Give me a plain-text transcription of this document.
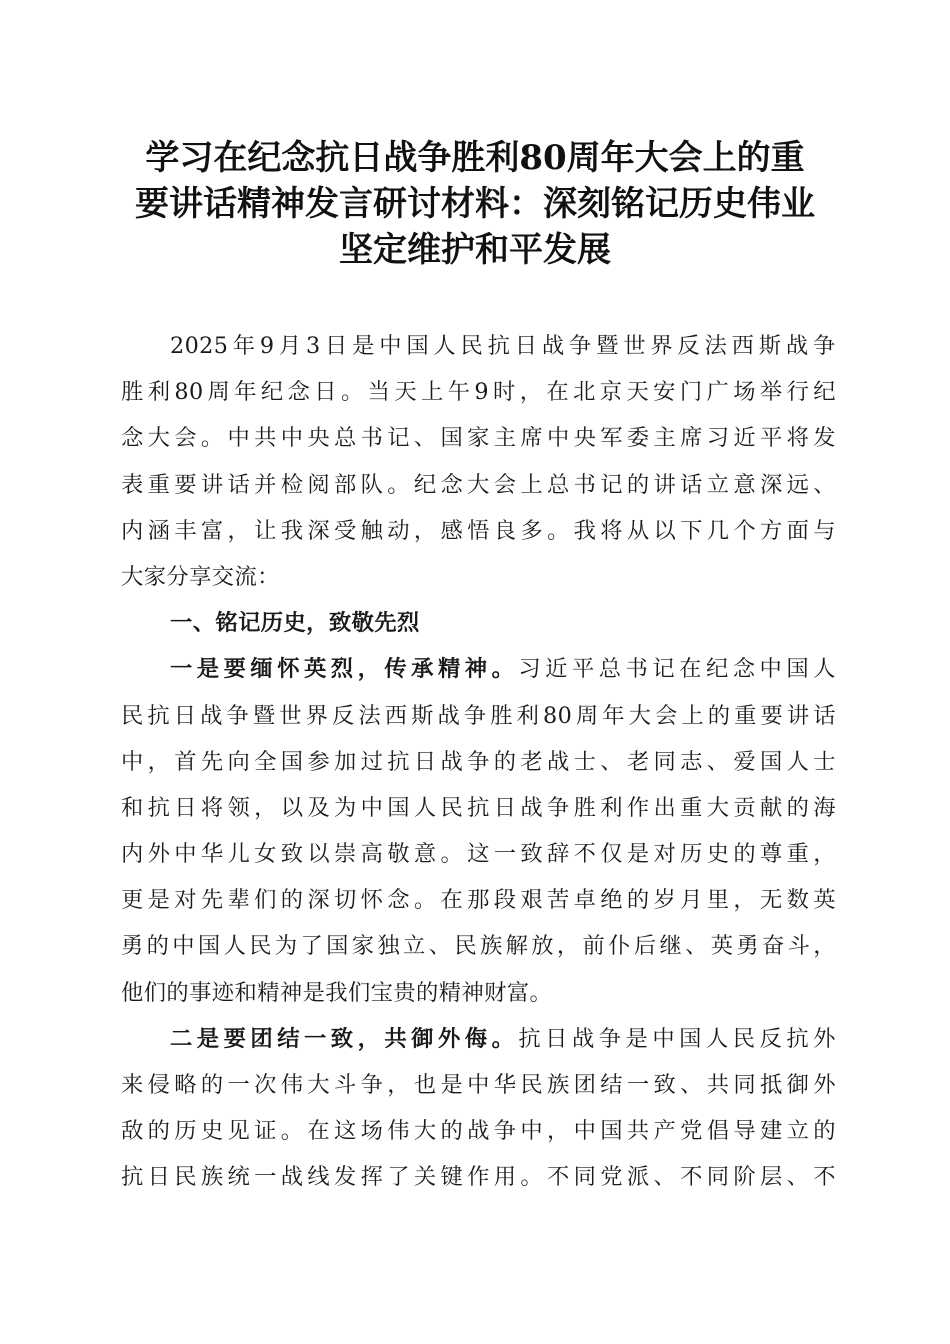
学习在纪念抗日战争胜利80周年大会上的重
要讲话精神发言研讨材料：深刻铭记历史伟业
坚定维护和平发展
2025 年 9 月 3 日 是 中 国 人 民 抗 日 战 争 暨 世 界 反 法 西 斯 战 争
胜 利 80 周 年 纪 念 日 。 当 天 上 午 9 时 ， 在 北 京 天 安 门 广 场 举 行 纪
念 大 会 。 中 共 中 央 总 书 记 、 国 家 主 席 中 央 军 委 主 席 习 近 平 将 发
表 重 要 讲 话 并 检 阅 部 队 。 纪 念 大 会 上 总 书 记 的 讲 话 立 意 深 远 、
内 涵 丰 富 ， 让 我 深 受 触 动 ， 感 悟 良 多 。 我 将 从 以 下 几 个 方 面 与
大家分享交流：
一、铭记历史，致敬先烈
一 是 要 缅 怀 英 烈 ， 传 承 精 神 。 习 近 平 总 书 记 在 纪 念 中 国 人
民 抗 日 战 争 暨 世 界 反 法 西 斯 战 争 胜 利 80 周 年 大 会 上 的 重 要 讲 话
中 ， 首 先 向 全 国 参 加 过 抗 日 战 争 的 老 战 士 、 老 同 志 、 爱 国 人 士
和 抗 日 将 领 ， 以 及 为 中 国 人 民 抗 日 战 争 胜 利 作 出 重 大 贡 献 的 海
内 外 中 华 儿 女 致 以 崇 高 敬 意 。 这 一 致 辞 不 仅 是 对 历 史 的 尊 重 ，
更 是 对 先 辈 们 的 深 切 怀 念 。 在 那 段 艰 苦 卓 绝 的 岁 月 里 ， 无 数 英
勇 的 中 国 人 民 为 了 国 家 独 立 、 民 族 解 放 ， 前 仆 后 继 、 英 勇 奋 斗 ，
他们的事迹和精神是我们宝贵的精神财富。
二 是 要 团 结 一 致 ， 共 御 外 侮 。 抗 日 战 争 是 中 国 人 民 反 抗 外
来 侵 略 的 一 次 伟 大 斗 争 ， 也 是 中 华 民 族 团 结 一 致 、 共 同 抵 御 外
敌 的 历 史 见 证 。 在 这 场 伟 大 的 战 争 中 ， 中 国 共 产 党 倡 导 建 立 的
抗 日 民 族 统 一 战 线 发 挥 了 关 键 作 用 。 不 同 党 派 、 不 同 阶 层 、 不
